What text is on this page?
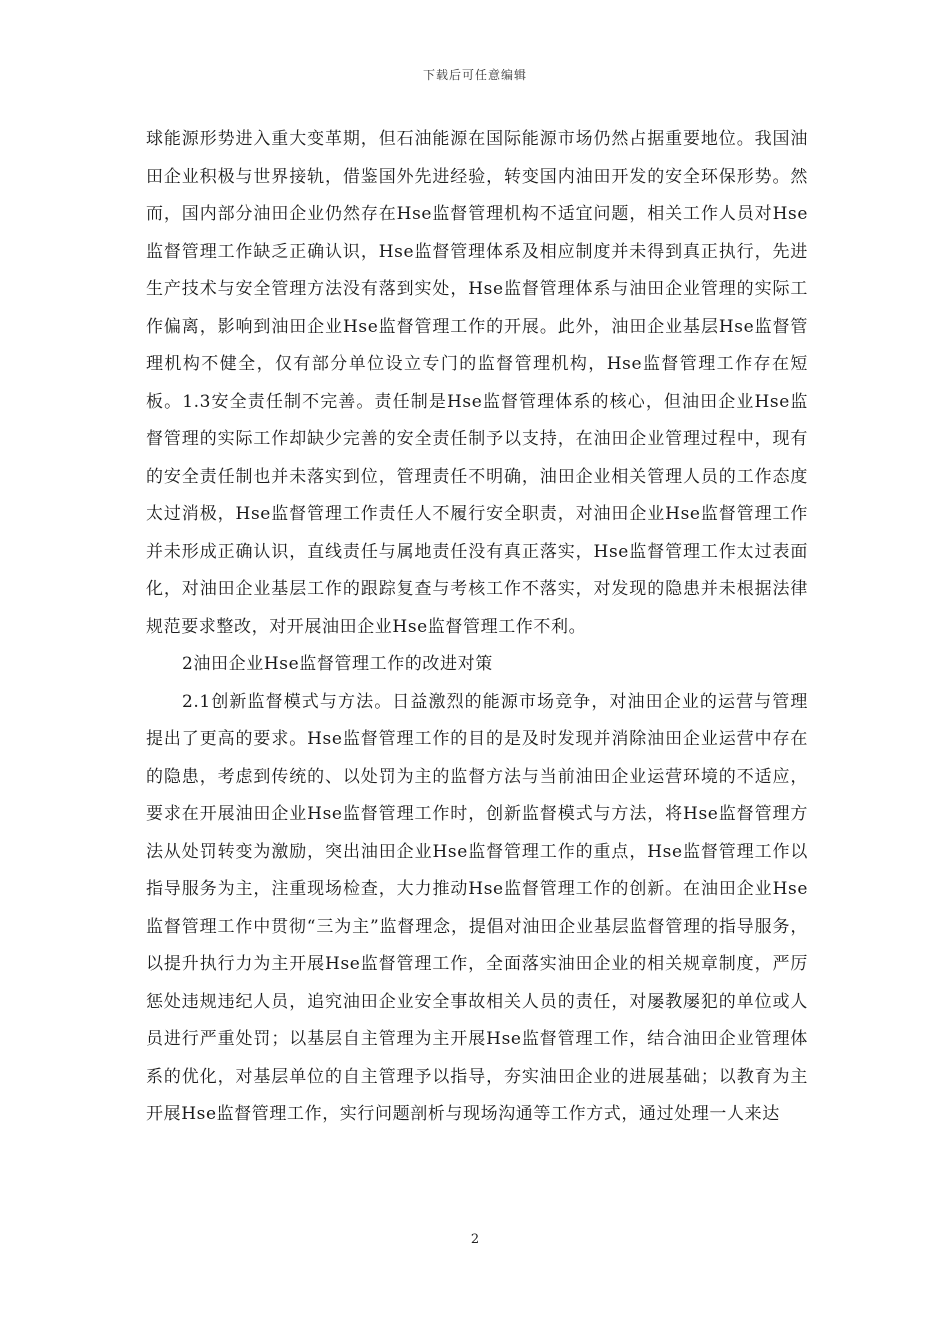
下载后可任意编辑

球能源形势进入重大变革期，但石油能源在国际能源市场仍然占据重要地位。我国油田企业积极与世界接轨，借鉴国外先进经验，转变国内油田开发的安全环保形势。然而，国内部分油田企业仍然存在Hse监督管理机构不适宜问题，相关工作人员对Hse监督管理工作缺乏正确认识，Hse监督管理体系及相应制度并未得到真正执行，先进生产技术与安全管理方法没有落到实处，Hse监督管理体系与油田企业管理的实际工作偏离，影响到油田企业Hse监督管理工作的开展。此外，油田企业基层Hse监督管理机构不健全，仅有部分单位设立专门的监督管理机构，Hse监督管理工作存在短板。1.3安全责任制不完善。责任制是Hse监督管理体系的核心，但油田企业Hse监督管理的实际工作却缺少完善的安全责任制予以支持，在油田企业管理过程中，现有的安全责任制也并未落实到位，管理责任不明确，油田企业相关管理人员的工作态度太过消极，Hse监督管理工作责任人不履行安全职责，对油田企业Hse监督管理工作并未形成正确认识，直线责任与属地责任没有真正落实，Hse监督管理工作太过表面化，对油田企业基层工作的跟踪复查与考核工作不落实，对发现的隐患并未根据法律规范要求整改，对开展油田企业Hse监督管理工作不利。

2油田企业Hse监督管理工作的改进对策

2.1创新监督模式与方法。日益激烈的能源市场竞争，对油田企业的运营与管理提出了更高的要求。Hse监督管理工作的目的是及时发现并消除油田企业运营中存在的隐患，考虑到传统的、以处罚为主的监督方法与当前油田企业运营环境的不适应，要求在开展油田企业Hse监督管理工作时，创新监督模式与方法，将Hse监督管理方法从处罚转变为激励，突出油田企业Hse监督管理工作的重点，Hse监督管理工作以指导服务为主，注重现场检查，大力推动Hse监督管理工作的创新。在油田企业Hse监督管理工作中贯彻“三为主”监督理念，提倡对油田企业基层监督管理的指导服务，以提升执行力为主开展Hse监督管理工作，全面落实油田企业的相关规章制度，严厉惩处违规违纪人员，追究油田企业安全事故相关人员的责任，对屡教屡犯的单位或人员进行严重处罚；以基层自主管理为主开展Hse监督管理工作，结合油田企业管理体系的优化，对基层单位的自主管理予以指导，夯实油田企业的进展基础；以教育为主开展Hse监督管理工作，实行问题剖析与现场沟通等工作方式，通过处理一人来达

2
